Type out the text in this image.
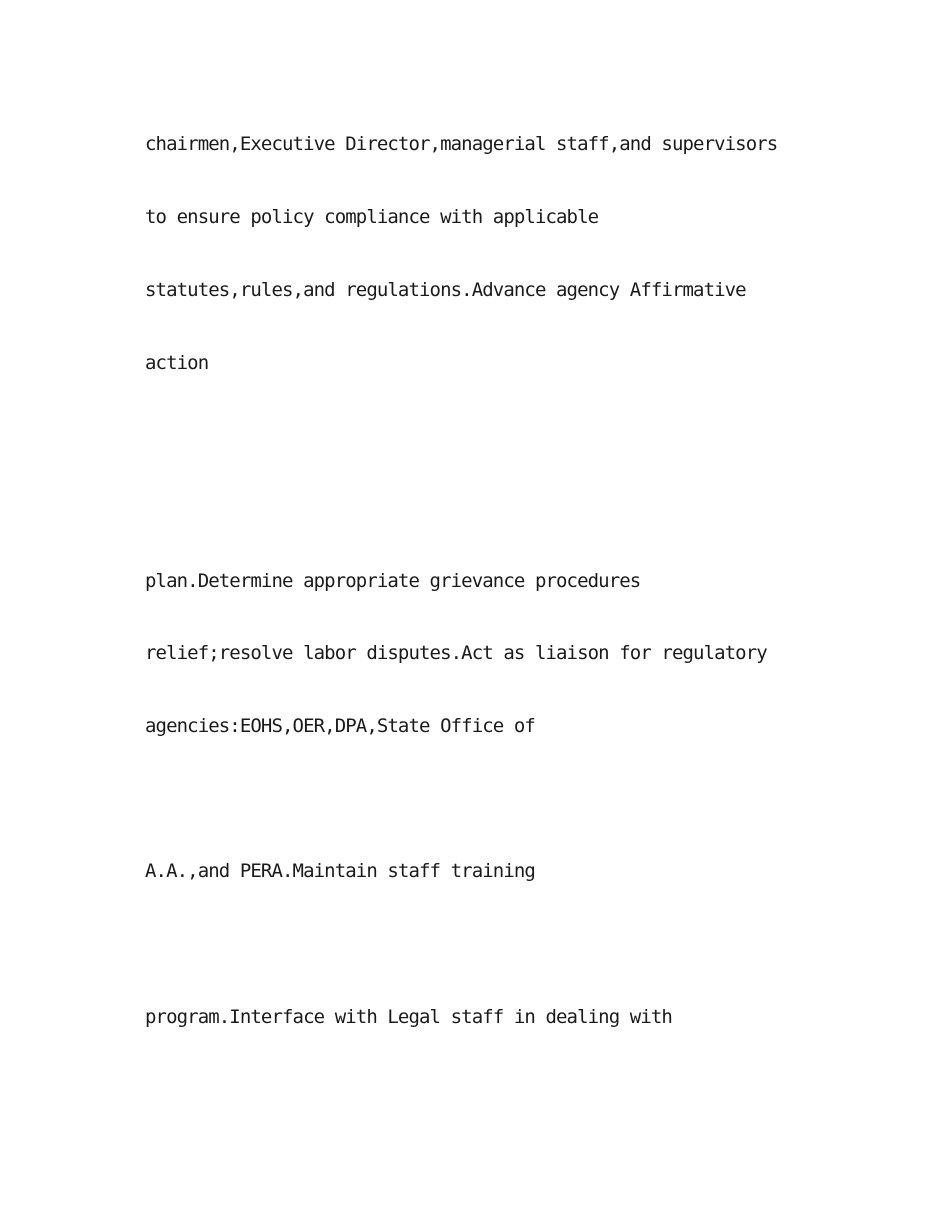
chairmen,Executive Director,managerial staff,and supervisors

to ensure policy compliance with applicable

statutes,rules,and regulations.Advance agency Affirmative

action

plan.Determine appropriate grievance procedures

relief;resolve labor disputes.Act as liaison for regulatory

agencies:EOHS,OER,DPA,State Office of

A.A.,and PERA.Maintain staff training

program.Interface with Legal staff in dealing with
